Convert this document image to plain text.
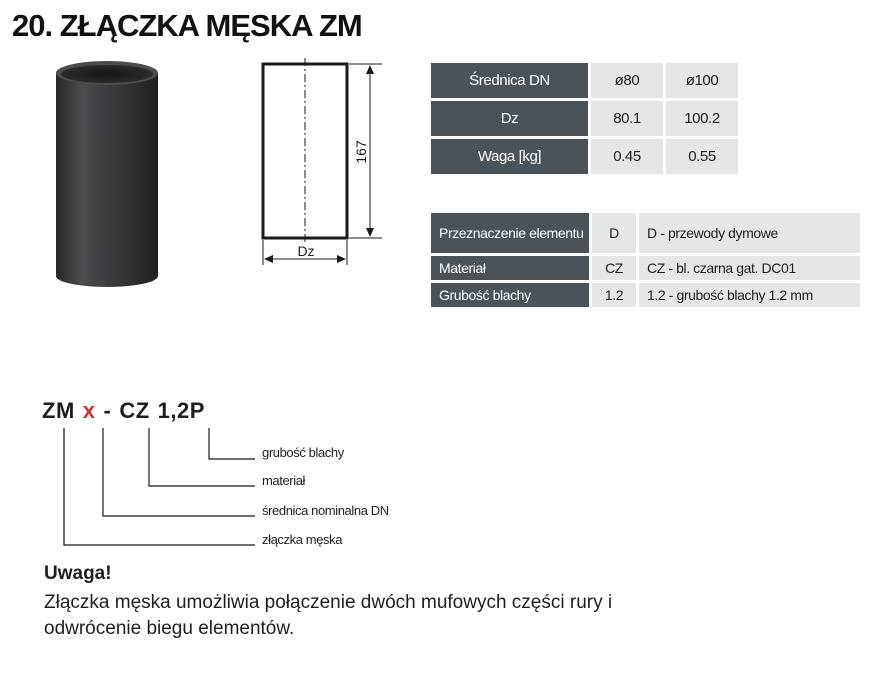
20. ZŁĄCZKA MĘSKA ZM
167
Dz
Średnica DN	ø80	ø100
Dz	80.1	100.2
Waga [kg]	0.45	0.55
Przeznaczenie elementu	D	D - przewody dymowe
Materiał	CZ	CZ - bl. czarna gat. DC01
Grubość blachy	1.2	1.2 - grubość blachy 1.2 mm
ZM x - CZ 1,2P
grubość blachy
materiał
średnica nominalna DN
złączka męska

Uwaga!

Złączka męska umożliwia połączenie dwóch mufowych części rury i odwrócenie biegu elementów.
